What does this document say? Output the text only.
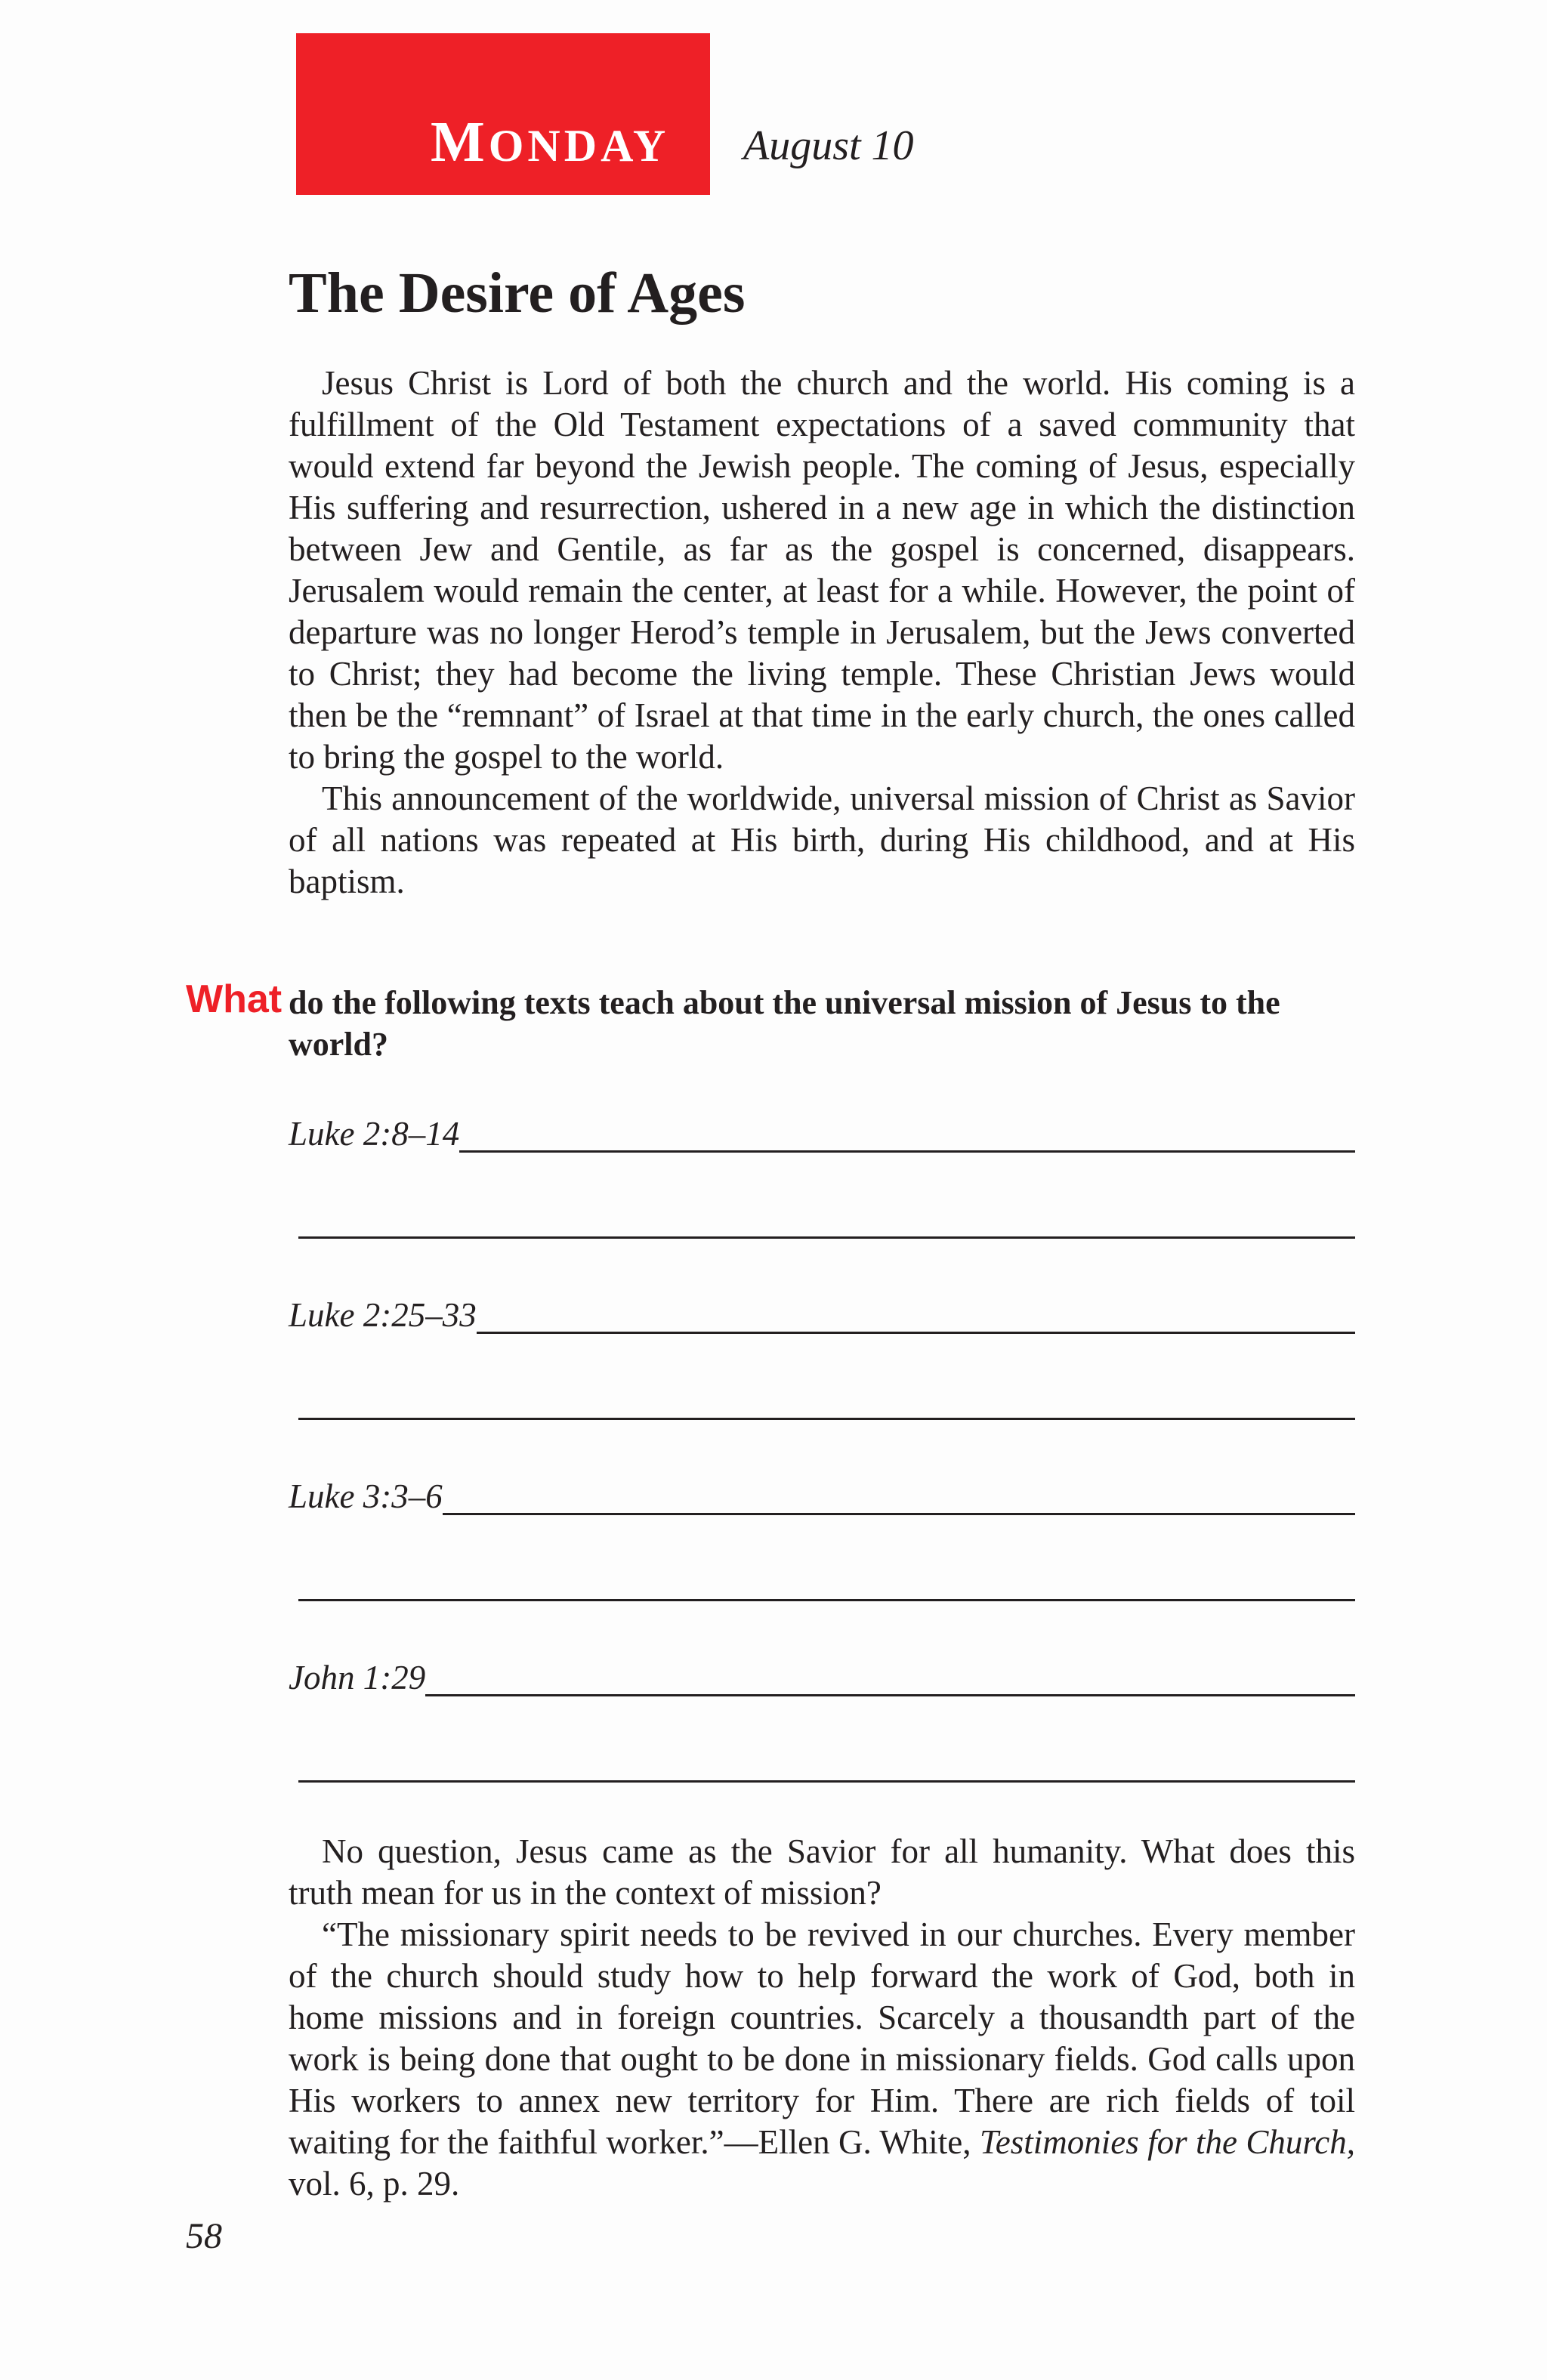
MONDAY August 10
The Desire of Ages

Jesus Christ is Lord of both the church and the world. His coming is a fulfillment of the Old Testament expectations of a saved community that would extend far beyond the Jewish people. The coming of Jesus, especially His suffering and resurrection, ushered in a new age in which the distinction between Jew and Gentile, as far as the gospel is concerned, disappears. Jerusalem would remain the center, at least for a while. However, the point of departure was no longer Herod’s temple in Jerusalem, but the Jews converted to Christ; they had become the living temple. These Christian Jews would then be the “remnant” of Israel at that time in the early church, the ones called to bring the gospel to the world.

This announcement of the worldwide, universal mission of Christ as Savior of all nations was repeated at His birth, during His childhood, and at His baptism.

What do the following texts teach about the universal mission of Jesus to the world?
Luke 2:8–14
Luke 2:25–33
Luke 3:3–6
John 1:29

No question, Jesus came as the Savior for all humanity. What does this truth mean for us in the context of mission?

“The missionary spirit needs to be revived in our churches. Every member of the church should study how to help forward the work of God, both in home missions and in foreign countries. Scarcely a thousandth part of the work is being done that ought to be done in missionary fields. God calls upon His workers to annex new territory for Him. There are rich fields of toil waiting for the faithful worker.”—Ellen G. White, Testimonies for the Church, vol. 6, p. 29.

58
